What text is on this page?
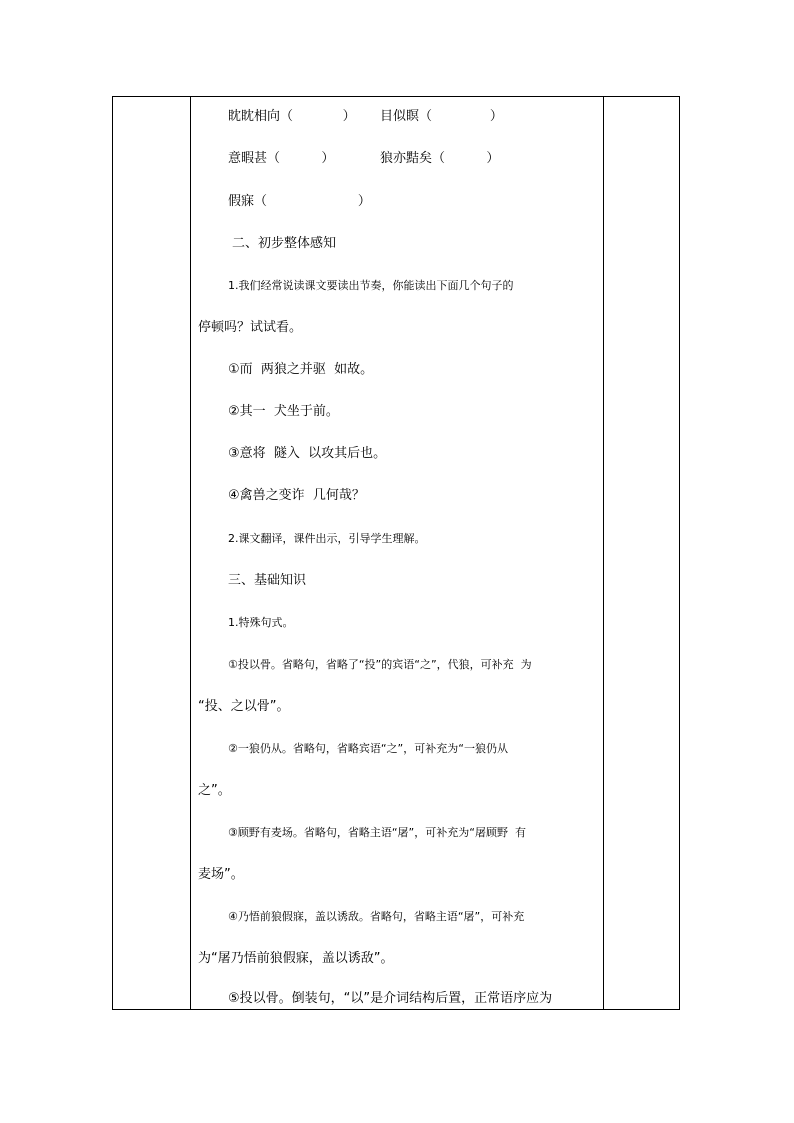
眈眈相向（            ） 目似瞑（              ）
意暇甚（          ）	狼亦黠矣（          ）
假寐（                      ）
二、初步整体感知
1.我们经常说读课文要读出节奏，你能读出下面几个句子的
停顿吗？试试看。
①而  两狼之并驱  如故。
②其一  犬坐于前。
③意将  隧入  以攻其后也。
④禽兽之变诈  几何哉？
2.课文翻译，课件出示，引导学生理解。
三、基础知识
1.特殊句式。
①投以骨。省略句，省略了“投”的宾语“之”，代狼，可补充  为
“投、之以骨”。
②一狼仍从。省略句，省略宾语“之”，可补充为“一狼仍从
之”。
③顾野有麦场。省略句，省略主语“屠”，可补充为“屠顾野  有
麦场”。
④乃悟前狼假寐，盖以诱敌。省略句，省略主语“屠”，可补充
为“屠乃悟前狼假寐，盖以诱敌”。
⑤投以骨。倒装句，“以”是介词结构后置，正常语序应为
